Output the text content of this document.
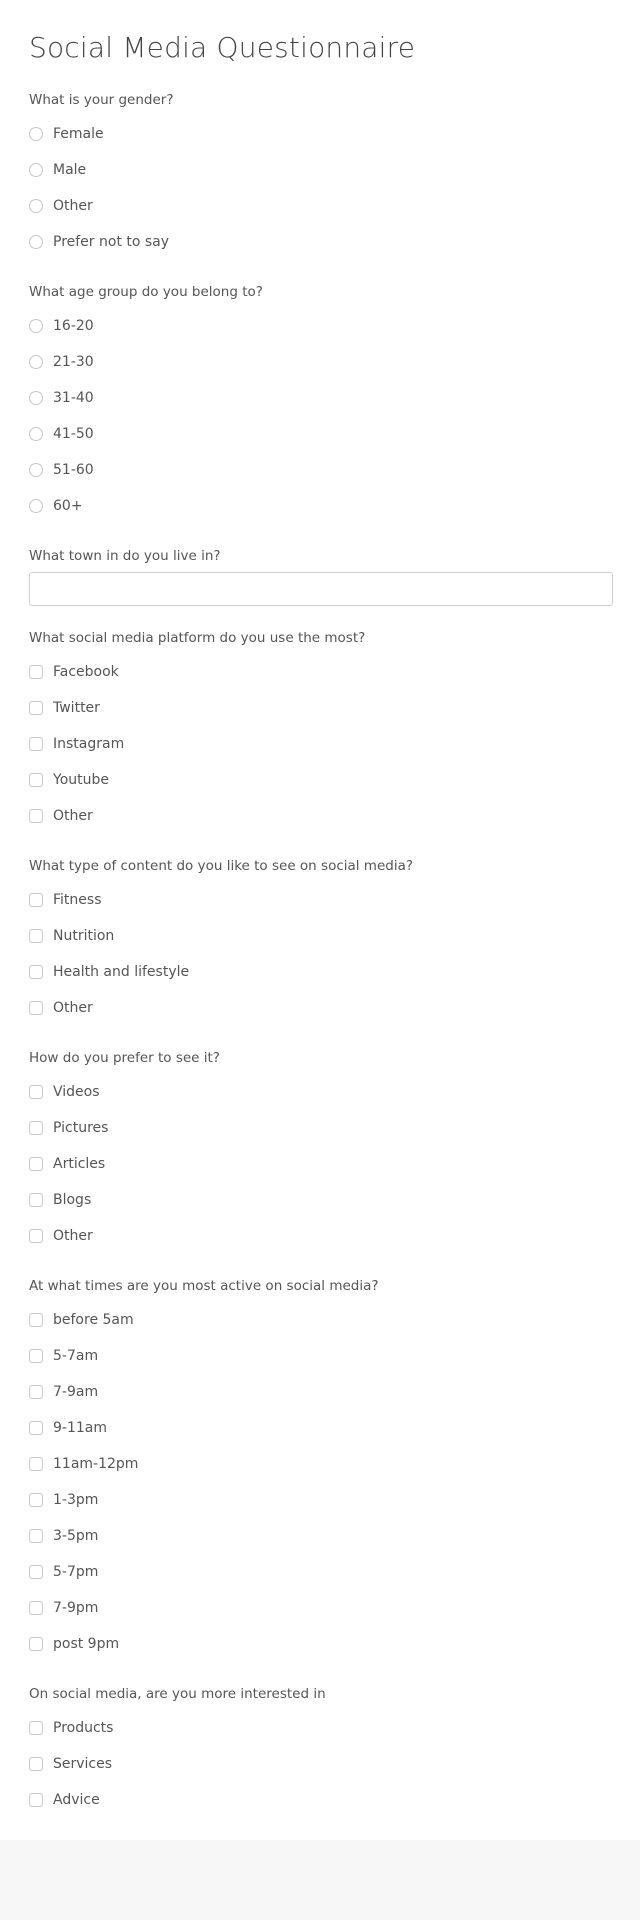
Social Media Questionnaire
What is your gender?
Female
Male
Other
Prefer not to say
What age group do you belong to?
16-20
21-30
31-40
41-50
51-60
60+
What town in do you live in?
What social media platform do you use the most?
Facebook
Twitter
Instagram
Youtube
Other
What type of content do you like to see on social media?
Fitness
Nutrition
Health and lifestyle
Other
How do you prefer to see it?
Videos
Pictures
Articles
Blogs
Other
At what times are you most active on social media?
before 5am
5-7am
7-9am
9-11am
11am-12pm
1-3pm
3-5pm
5-7pm
7-9pm
post 9pm
On social media, are you more interested in
Products
Services
Advice
